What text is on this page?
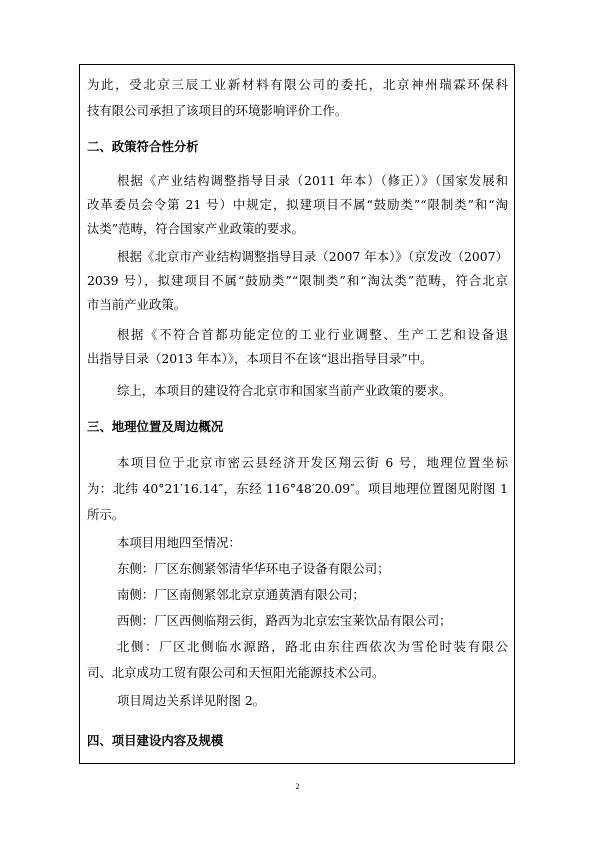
为此，受北京三辰工业新材料有限公司的委托，北京神州瑞霖环保科

技有限公司承担了该项目的环境影响评价工作。

二、政策符合性分析

根据《产业结构调整指导目录（2011 年本）（修正）》（国家发展和

改革委员会令第 21 号）中规定，拟建项目不属“鼓励类”“限制类”和“淘

汰类”范畴，符合国家产业政策的要求。

根据《北京市产业结构调整指导目录（2007 年本）》（京发改（2007）

2039 号），拟建项目不属“鼓励类”“限制类”和“淘汰类”范畴，符合北京

市当前产业政策。

根据《不符合首都功能定位的工业行业调整、生产工艺和设备退

出指导目录（2013 年本）》，本项目不在该“退出指导目录”中。

综上，本项目的建设符合北京市和国家当前产业政策的要求。

三、地理位置及周边概况

本项目位于北京市密云县经济开发区翔云街 6 号，地理位置坐标

为：北纬 40°21′16.14″，东经 116°48′20.09″。项目地理位置图见附图 1

所示。

本项目用地四至情况：

东侧：厂区东侧紧邻清华华环电子设备有限公司；

南侧：厂区南侧紧邻北京京通黄酒有限公司；

西侧：厂区西侧临翔云街，路西为北京宏宝莱饮品有限公司；

北侧：厂区北侧临水源路，路北由东往西依次为雪伦时装有限公

司、北京成功工贸有限公司和天恒阳光能源技术公司。

项目周边关系详见附图 2。

四、项目建设内容及规模

2
